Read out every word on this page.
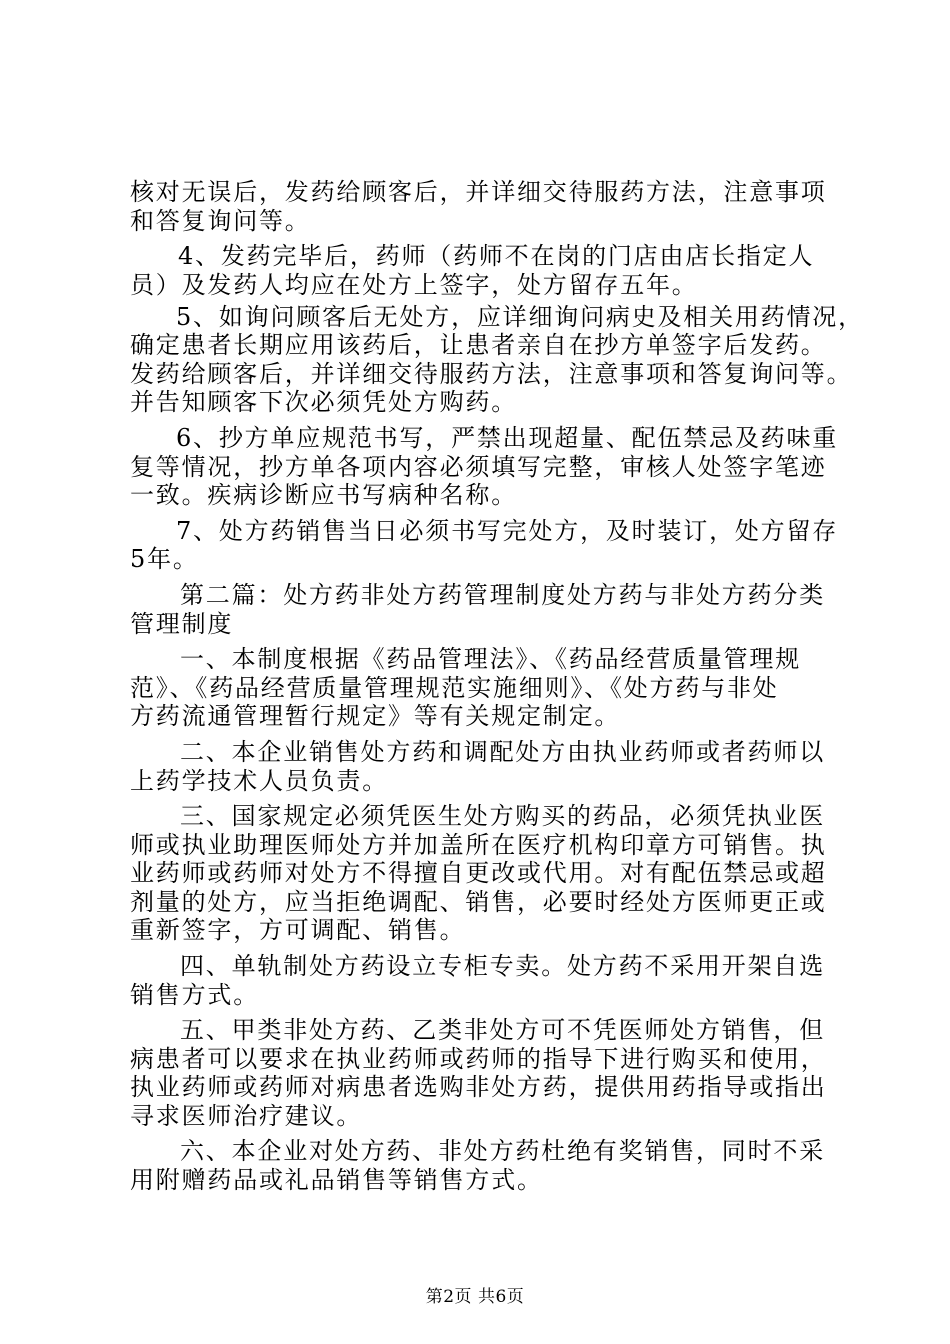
核对无误后，发药给顾客后，并详细交待服药方法，注意事项
和答复询问等。
4、发药完毕后，药师（药师不在岗的门店由店长指定人
员）及发药人均应在处方上签字，处方留存五年。
5、如询问顾客后无处方，应详细询问病史及相关用药情况，
确定患者长期应用该药后，让患者亲自在抄方单签字后发药。
发药给顾客后，并详细交待服药方法，注意事项和答复询问等。
并告知顾客下次必须凭处方购药。
6、抄方单应规范书写，严禁出现超量、配伍禁忌及药味重
复等情况，抄方单各项内容必须填写完整，审核人处签字笔迹
一致。疾病诊断应书写病种名称。
7、处方药销售当日必须书写完处方，及时装订，处方留存
5年。
第二篇：处方药非处方药管理制度处方药与非处方药分类
管理制度
一、本制度根据《药品管理法》、《药品经营质量管理规
范》、《药品经营质量管理规范实施细则》、《处方药与非处
方药流通管理暂行规定》等有关规定制定。
二、本企业销售处方药和调配处方由执业药师或者药师以
上药学技术人员负责。
三、国家规定必须凭医生处方购买的药品，必须凭执业医
师或执业助理医师处方并加盖所在医疗机构印章方可销售。执
业药师或药师对处方不得擅自更改或代用。对有配伍禁忌或超
剂量的处方，应当拒绝调配、销售，必要时经处方医师更正或
重新签字，方可调配、销售。
四、单轨制处方药设立专柜专卖。处方药不采用开架自选
销售方式。
五、甲类非处方药、乙类非处方可不凭医师处方销售，但
病患者可以要求在执业药师或药师的指导下进行购买和使用，
执业药师或药师对病患者选购非处方药，提供用药指导或指出
寻求医师治疗建议。
六、本企业对处方药、非处方药杜绝有奖销售，同时不采
用附赠药品或礼品销售等销售方式。
第2页 共6页
